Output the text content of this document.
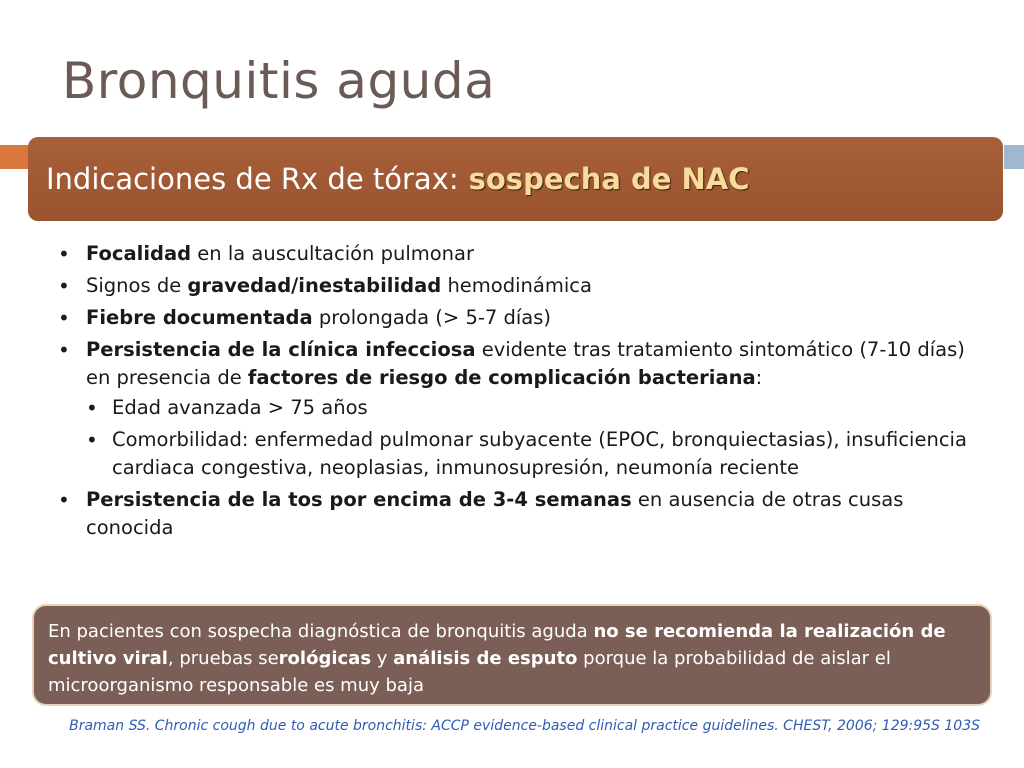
Bronquitis aguda
Indicaciones de Rx de tórax: sospecha de NAC
• Focalidad en la auscultación pulmonar
• Signos de gravedad/inestabilidad hemodinámica
• Fiebre documentada prolongada (> 5-7 días)
• Persistencia de la clínica infecciosa evidente tras tratamiento sintomático (7-10 días) en presencia de factores de riesgo de complicación bacteriana:
• Edad avanzada > 75 años
• Comorbilidad: enfermedad pulmonar subyacente (EPOC, bronquiectasias), insuficiencia cardiaca congestiva, neoplasias, inmunosupresión, neumonía reciente
• Persistencia de la tos por encima de 3-4 semanas en ausencia de otras cusas conocida
En pacientes con sospecha diagnóstica de bronquitis aguda no se recomienda la realización de cultivo viral, pruebas serológicas y análisis de esputo porque la probabilidad de aislar el microorganismo responsable es muy baja
Braman SS. Chronic cough due to acute bronchitis: ACCP evidence-based clinical practice guidelines. CHEST, 2006; 129:95S 103S
